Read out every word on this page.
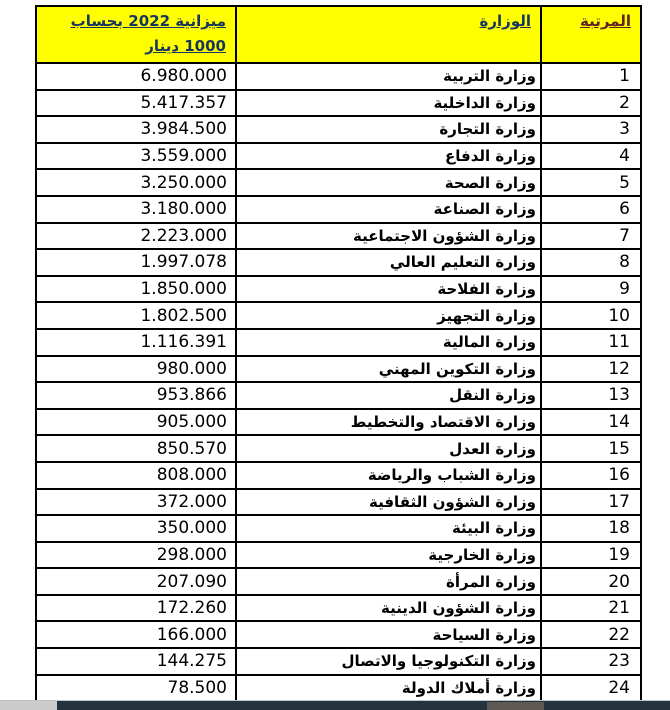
المرتبة	الوزارة	ميزانية 2022 بحساب
1000 دينار
1	وزارة التربية	6.980.000
2	وزارة الداخلية	5.417.357
3	وزارة التجارة	3.984.500
4	وزارة الدفاع	3.559.000
5	وزارة الصحة	3.250.000
6	وزارة الصناعة	3.180.000
7	وزارة الشؤون الاجتماعية	2.223.000
8	وزارة التعليم العالي	1.997.078
9	وزارة الفلاحة	1.850.000
10	وزارة التجهيز	1.802.500
11	وزارة المالية	1.116.391
12	وزارة التكوين المهني	980.000
13	وزارة النقل	953.866
14	وزارة الاقتصاد والتخطيط	905.000
15	وزارة العدل	850.570
16	وزارة الشباب والرياضة	808.000
17	وزارة الشؤون الثقافية	372.000
18	وزارة البيئة	350.000
19	وزارة الخارجية	298.000
20	وزارة المرأة	207.090
21	وزارة الشؤون الدينية	172.260
22	وزارة السياحة	166.000
23	وزارة التكنولوجيا والاتصال	144.275
24	وزارة أملاك الدولة	78.500
